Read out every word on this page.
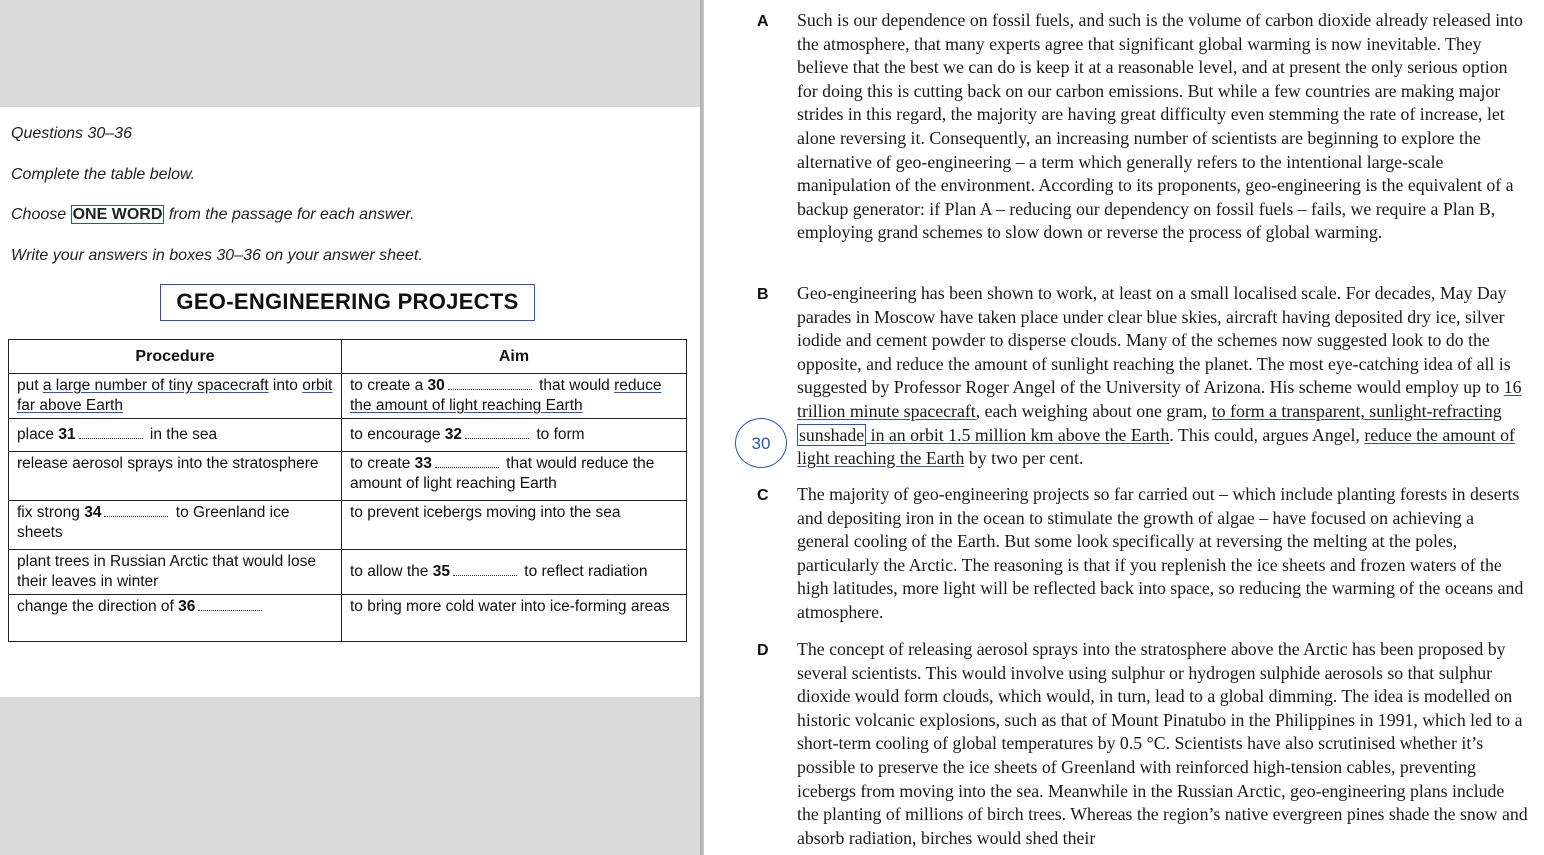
Questions 30–36
Complete the table below.
Choose ONE WORD from the passage for each answer.
Write your answers in boxes 30–36 on your answer sheet.
GEO-ENGINEERING PROJECTS
Procedure	Aim
put a large number of tiny spacecraft into orbit far above Earth	to create a 30 that would reduce the amount of light reaching Earth
place 31 in the sea	to encourage 32 to form
release aerosol sprays into the stratosphere	to create 33 that would reduce the amount of light reaching Earth
fix strong 34 to Greenland ice sheets	to prevent icebergs moving into the sea
plant trees in Russian Arctic that would lose their leaves in winter	to allow the 35 to reflect radiation
change the direction of 36	to bring more cold water into ice-forming areas
A Such is our dependence on fossil fuels, and such is the volume of carbon dioxide already released into the atmosphere, that many experts agree that significant global warming is now inevitable. They believe that the best we can do is keep it at a reasonable level, and at present the only serious option for doing this is cutting back on our carbon emissions. But while a few countries are making major strides in this regard, the majority are having great difficulty even stemming the rate of increase, let alone reversing it. Consequently, an increasing number of scientists are beginning to explore the alternative of geo-engineering – a term which generally refers to the intentional large-scale manipulation of the environment. According to its proponents, geo-engineering is the equivalent of a backup generator: if Plan A – reducing our dependency on fossil fuels – fails, we require a Plan B, employing grand schemes to slow down or reverse the process of global warming.
B Geo-engineering has been shown to work, at least on a small localised scale. For decades, May Day parades in Moscow have taken place under clear blue skies, aircraft having deposited dry ice, silver iodide and cement powder to disperse clouds. Many of the schemes now suggested look to do the opposite, and reduce the amount of sunlight reaching the planet. The most eye-catching idea of all is suggested by Professor Roger Angel of the University of Arizona. His scheme would employ up to 16 trillion minute spacecraft, each weighing about one gram, to form a transparent, sunlight-refracting sunshade in an orbit 1.5 million km above the Earth. This could, argues Angel, reduce the amount of light reaching the Earth by two per cent.
30
C The majority of geo-engineering projects so far carried out – which include planting forests in deserts and depositing iron in the ocean to stimulate the growth of algae – have focused on achieving a general cooling of the Earth. But some look specifically at reversing the melting at the poles, particularly the Arctic. The reasoning is that if you replenish the ice sheets and frozen waters of the high latitudes, more light will be reflected back into space, so reducing the warming of the oceans and atmosphere.
D The concept of releasing aerosol sprays into the stratosphere above the Arctic has been proposed by several scientists. This would involve using sulphur or hydrogen sulphide aerosols so that sulphur dioxide would form clouds, which would, in turn, lead to a global dimming. The idea is modelled on historic volcanic explosions, such as that of Mount Pinatubo in the Philippines in 1991, which led to a short-term cooling of global temperatures by 0.5 °C. Scientists have also scrutinised whether it’s possible to preserve the ice sheets of Greenland with reinforced high-tension cables, preventing icebergs from moving into the sea. Meanwhile in the Russian Arctic, geo-engineering plans include the planting of millions of birch trees. Whereas the region’s native evergreen pines shade the snow and absorb radiation, birches would shed their
